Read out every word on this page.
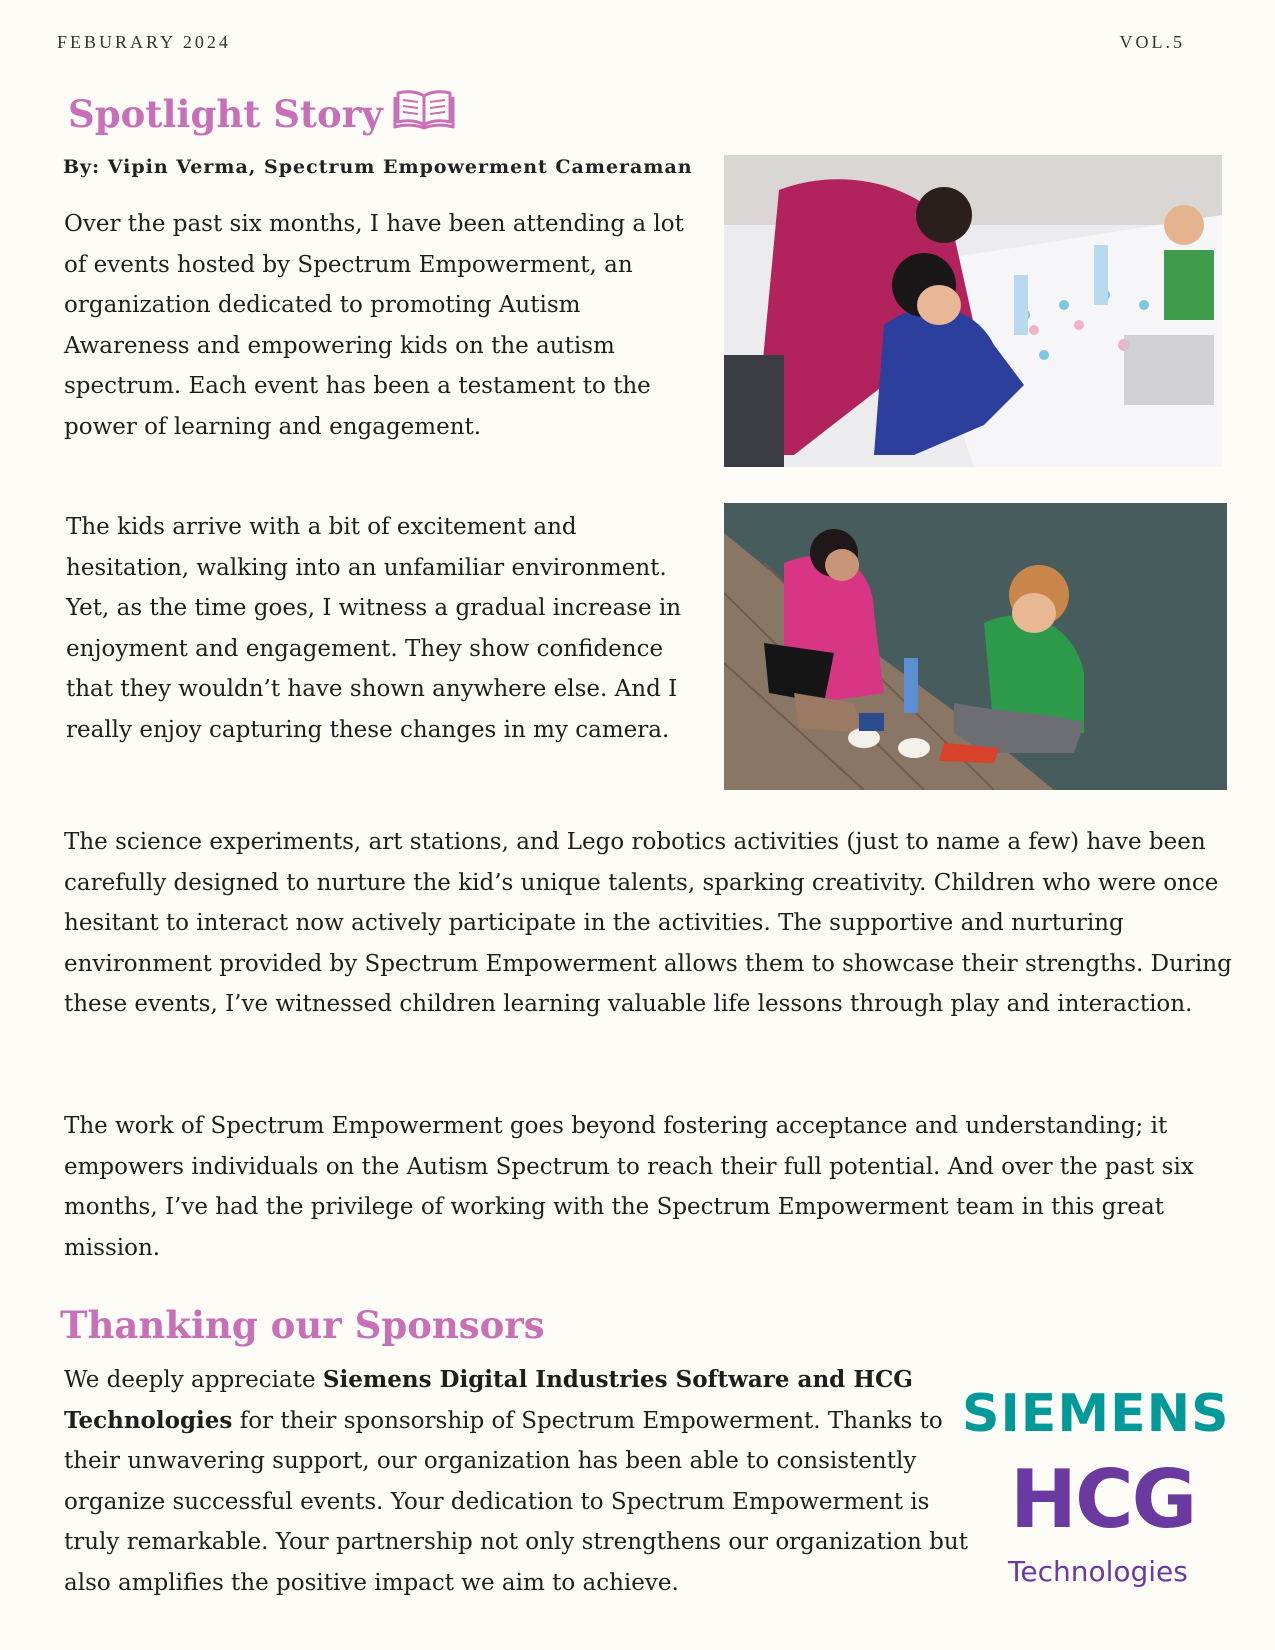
FEBURARY 2024	VOL.5
Spotlight Story
By: Vipin Verma, Spectrum Empowerment Cameraman

Over the past six months, I have been attending a lot of events hosted by Spectrum Empowerment, an organization dedicated to promoting Autism Awareness and empowering kids on the autism spectrum. Each event has been a testament to the power of learning and engagement.

The kids arrive with a bit of excitement and hesitation, walking into an unfamiliar environment. Yet, as the time goes, I witness a gradual increase in enjoyment and engagement. They show confidence that they wouldn’t have shown anywhere else. And I really enjoy capturing these changes in my camera.

The science experiments, art stations, and Lego robotics activities (just to name a few) have been carefully designed to nurture the kid’s unique talents, sparking creativity. Children who were once hesitant to interact now actively participate in the activities. The supportive and nurturing environment provided by Spectrum Empowerment allows them to showcase their strengths. During these events, I’ve witnessed children learning valuable life lessons through play and interaction.

The work of Spectrum Empowerment goes beyond fostering acceptance and understanding; it empowers individuals on the Autism Spectrum to reach their full potential. And over the past six months, I’ve had the privilege of working with the Spectrum Empowerment team in this great mission.

Thanking our Sponsors

We deeply appreciate Siemens Digital Industries Software and HCG Technologies for their sponsorship of Spectrum Empowerment. Thanks to their unwavering support, our organization has been able to consistently organize successful events. Your dedication to Spectrum Empowerment is truly remarkable. Your partnership not only strengthens our organization but also amplifies the positive impact we aim to achieve.

SIEMENS
HCG
Technologies
